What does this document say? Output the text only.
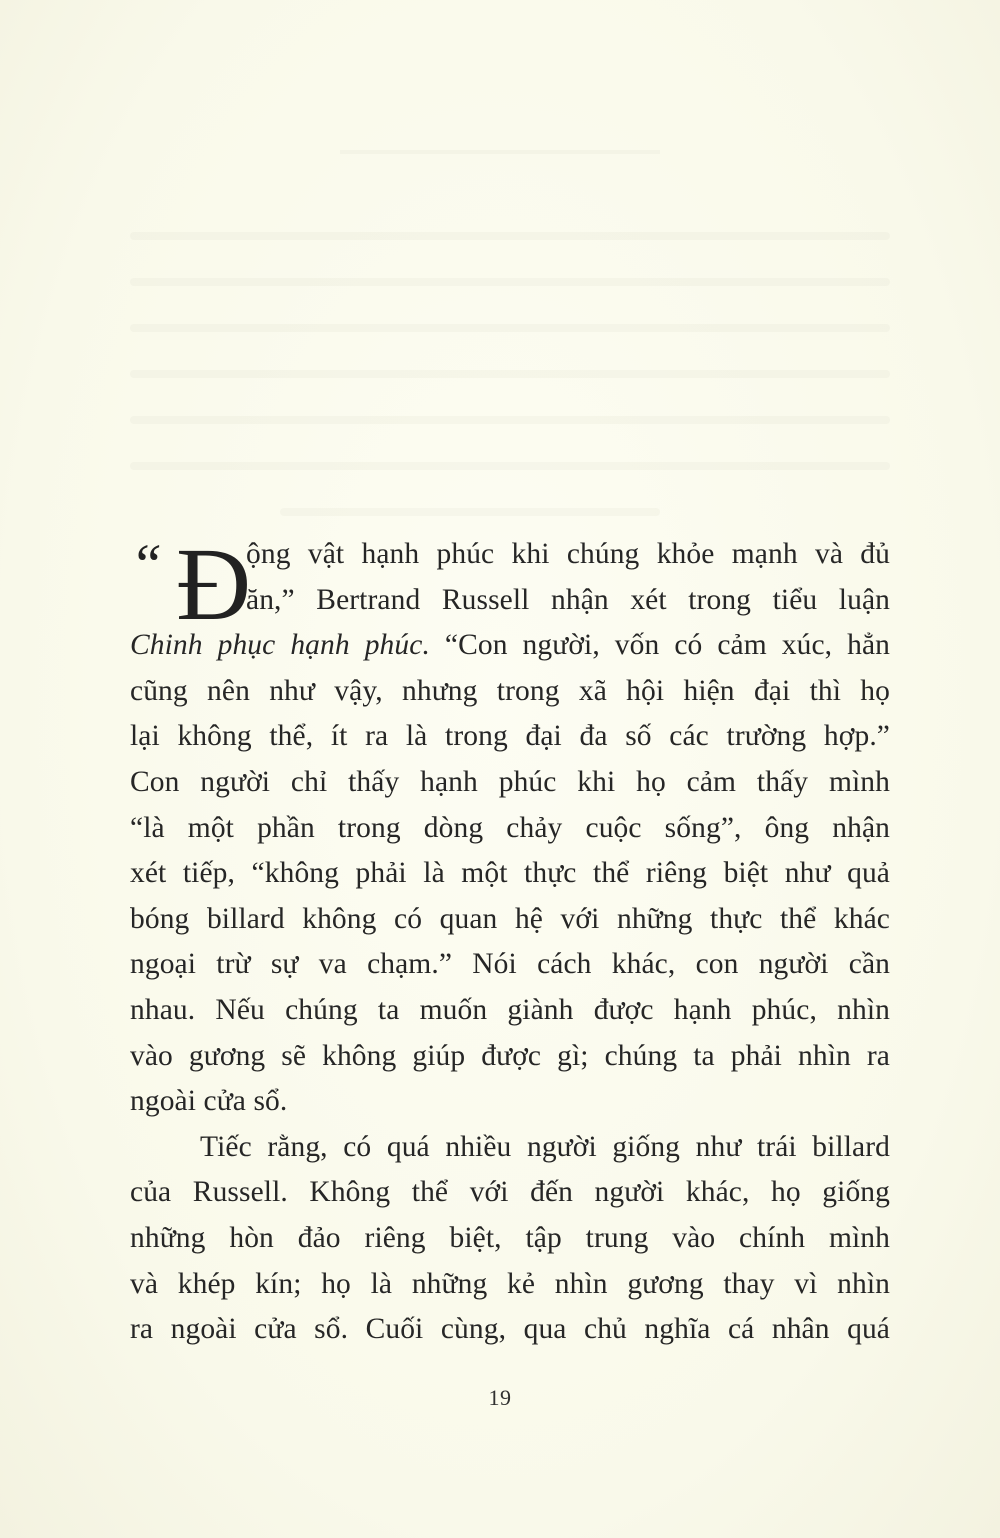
“ Đ
ộng vật hạnh phúc khi chúng khỏe mạnh và đủ
ăn,” Bertrand Russell nhận xét trong tiểu luận
Chinh phục hạnh phúc. “Con người, vốn có cảm xúc, hẳn
cũng nên như vậy, nhưng trong xã hội hiện đại thì họ
lại không thể, ít ra là trong đại đa số các trường hợp.”
Con người chỉ thấy hạnh phúc khi họ cảm thấy mình
“là một phần trong dòng chảy cuộc sống”, ông nhận
xét tiếp, “không phải là một thực thể riêng biệt như quả
bóng billard không có quan hệ với những thực thể khác
ngoại trừ sự va chạm.” Nói cách khác, con người cần
nhau. Nếu chúng ta muốn giành được hạnh phúc, nhìn
vào gương sẽ không giúp được gì; chúng ta phải nhìn ra
ngoài cửa sổ.
Tiếc rằng, có quá nhiều người giống như trái billard
của Russell. Không thể với đến người khác, họ giống
những hòn đảo riêng biệt, tập trung vào chính mình
và khép kín; họ là những kẻ nhìn gương thay vì nhìn
ra ngoài cửa sổ. Cuối cùng, qua chủ nghĩa cá nhân quá
19
